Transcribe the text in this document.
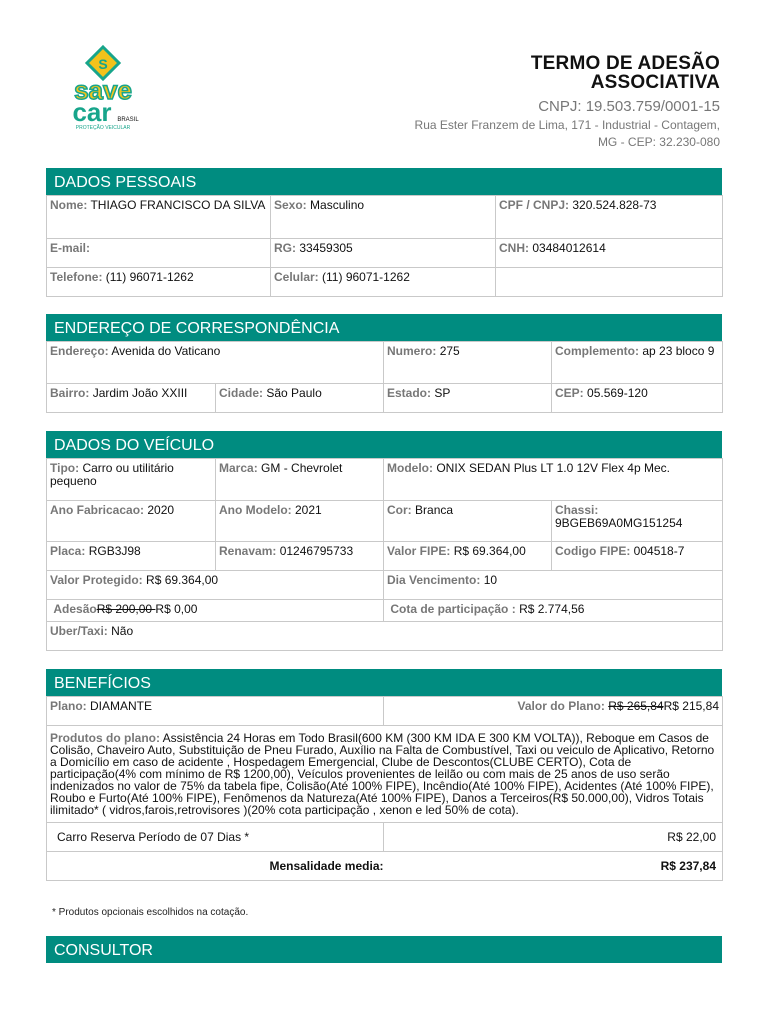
S
save
car BRASIL
PROTEÇÃO VEICULAR
TERMO DE ADESÃO
ASSOCIATIVA
CNPJ: 19.503.759/0001-15
Rua Ester Franzem de Lima, 171 - Industrial - Contagem,
MG - CEP: 32.230-080
DADOS PESSOAIS
Nome: THIAGO FRANCISCO DA SILVA	Sexo: Masculino	CPF / CNPJ: 320.524.828-73
E-mail:	RG: 33459305	CNH: 03484012614
Telefone: (11) 96071-1262	Celular: (11) 96071-1262	
ENDEREÇO DE CORRESPONDÊNCIA
Endereço: Avenida do Vaticano		Numero: 275	Complemento: ap 23 bloco 9
Bairro: Jardim João XXIII	Cidade: São Paulo	Estado: SP	CEP: 05.569-120
DADOS DO VEÍCULO
Tipo: Carro ou utilitário pequeno	Marca: GM - Chevrolet	Modelo: ONIX SEDAN Plus LT 1.0 12V Flex 4p Mec.	
Ano Fabricacao: 2020	Ano Modelo: 2021	Cor: Branca	Chassi: 9BGEB69A0MG151254
Placa: RGB3J98	Renavam: 01246795733	Valor FIPE: R$ 69.364,00	Codigo FIPE: 004518-7
Valor Protegido: R$ 69.364,00		Dia Vencimento: 10	
AdesãoR$ 200,00 R$ 0,00		Cota de participação : R$ 2.774,56	
Uber/Taxi: Não			
BENEFÍCIOS
Plano: DIAMANTE	Valor do Plano: R$ 265,84R$ 215,84
Produtos do plano: Assistência 24 Horas em Todo Brasil(600 KM (300 KM IDA E 300 KM VOLTA)), Reboque em Casos de Colisão, Chaveiro Auto, Substituição de Pneu Furado, Auxílio na Falta de Combustível, Taxi ou veiculo de Aplicativo, Retorno a Domicílio em caso de acidente , Hospedagem Emergencial, Clube de Descontos(CLUBE CERTO), Cota de participação(4% com mínimo de R$ 1200,00), Veículos provenientes de leilão ou com mais de 25 anos de uso serão indenizados no valor de 75% da tabela fipe, Colisão(Até 100% FIPE), Incêndio(Até 100% FIPE), Acidentes (Até 100% FIPE), Roubo e Furto(Até 100% FIPE), Fenômenos da Natureza(Até 100% FIPE), Danos a Terceiros(R$ 50.000,00), Vidros Totais ilimitado* ( vidros,farois,retrovisores )(20% cota participação , xenon e led 50% de cota).	
Carro Reserva Período de 07 Dias *	R$ 22,00
Mensalidade media:	R$ 237,84
* Produtos opcionais escolhidos na cotação.
CONSULTOR
